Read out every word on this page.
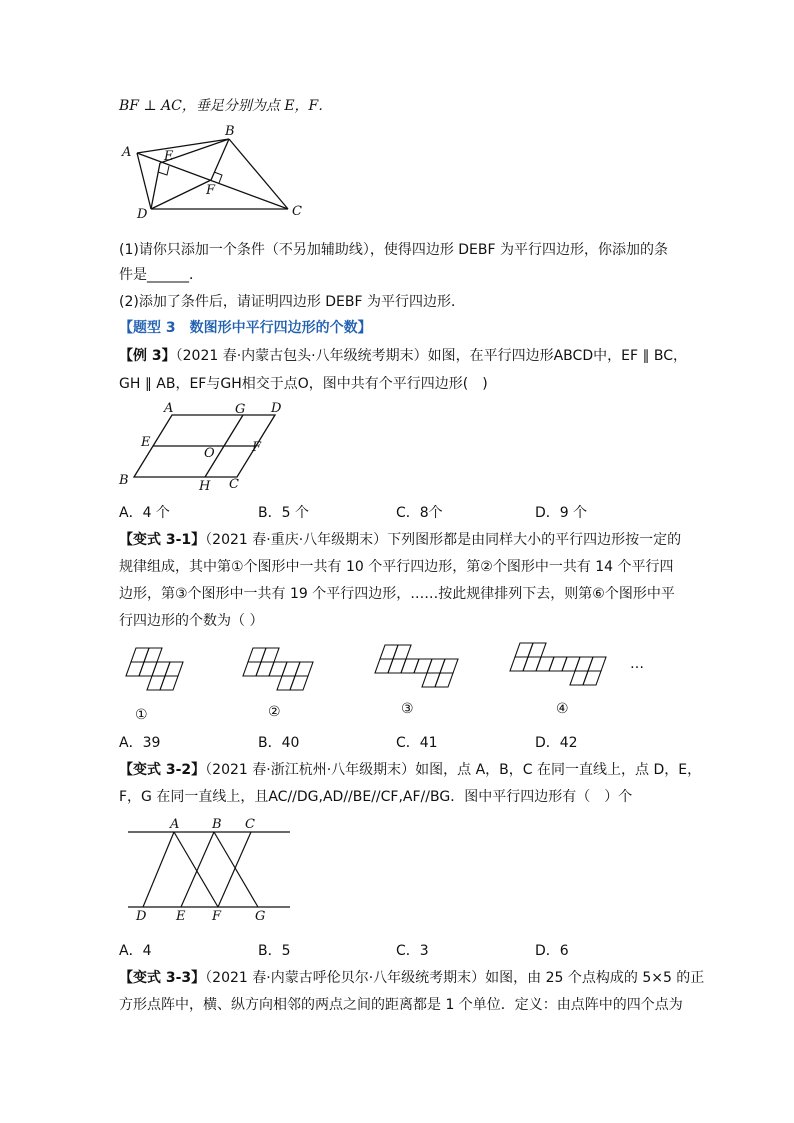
BF ⊥ AC，垂足分别为点 E，F．
A
B
C
D
E
F
(1)请你只添加一个条件（不另加辅助线），使得四边形 DEBF 为平行四边形，你添加的条
件是______．
(2)添加了条件后，请证明四边形 DEBF 为平行四边形．
【题型 3　数图形中平行四边形的个数】
【例 3】（2021 春·内蒙古包头·八年级统考期末）如图，在平行四边形ABCD中，EF ∥ BC，
GH ∥ AB，EF与GH相交于点O，图中共有个平行四边形(　)
A	G D
E
O	F
B	H C
A．4 个	B．5 个	C．8个	D．9 个
【变式 3-1】（2021 春·重庆·八年级期末）下列图形都是由同样大小的平行四边形按一定的
规律组成，其中第①个图形中一共有 10 个平行四边形，第②个图形中一共有 14 个平行四
边形，第③个图形中一共有 19 个平行四边形，……按此规律排列下去，则第⑥个图形中平
行四边形的个数为（ ）
①	②	③	④
…
A．39	B．40	C．41	D．42
【变式 3-2】（2021 春·浙江杭州·八年级期末）如图，点 A，B，C 在同一直线上，点 D，E，
F，G 在同一直线上，且AC//DG,AD//BE//CF,AF//BG．图中平行四边形有（　）个
A	B C
D E F	G
A．4	B．5	C．3	D．6
【变式 3-3】（2021 春·内蒙古呼伦贝尔·八年级统考期末）如图，由 25 个点构成的 5×5 的正
方形点阵中，横、纵方向相邻的两点之间的距离都是 1 个单位．定义：由点阵中的四个点为
